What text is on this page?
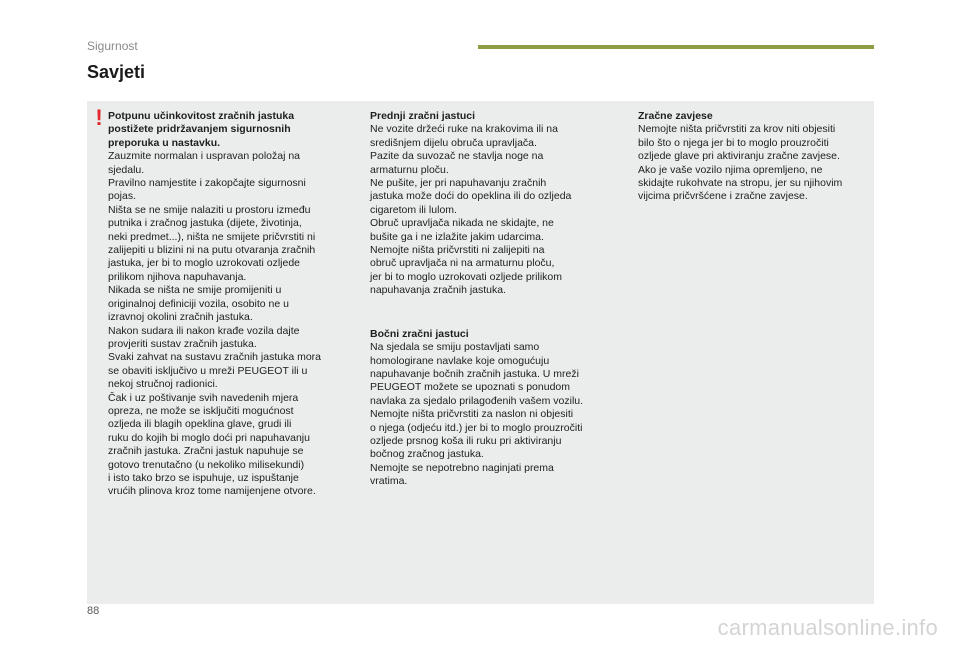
Sigurnost
Savjeti
! Potpunu učinkovitost zračnih jastuka
postižete pridržavanjem sigurnosnih
preporuka u nastavku.

Zauzmite normalan i uspravan položaj na
sjedalu.
Pravilno namjestite i zakopčajte sigurnosni
pojas.
Ništa se ne smije nalaziti u prostoru između
putnika i zračnog jastuka (dijete, životinja,
neki predmet...), ništa ne smijete pričvrstiti ni
zalijepiti u blizini ni na putu otvaranja zračnih
jastuka, jer bi to moglo uzrokovati ozljede
prilikom njihova napuhavanja.
Nikada se ništa ne smije promijeniti u
originalnoj definiciji vozila, osobito ne u
izravnoj okolini zračnih jastuka.
Nakon sudara ili nakon krađe vozila dajte
provjeriti sustav zračnih jastuka.
Svaki zahvat na sustavu zračnih jastuka mora
se obaviti isključivo u mreži PEUGEOT ili u
nekoj stručnoj radionici.
Čak i uz poštivanje svih navedenih mjera
opreza, ne može se isključiti mogućnost
ozljeda ili blagih opeklina glave, grudi ili
ruku do kojih bi moglo doći pri napuhavanju
zračnih jastuka. Zračni jastuk napuhuje se
gotovo trenutačno (u nekoliko milisekundi)
i isto tako brzo se ispuhuje, uz ispuštanje
vrućih plinova kroz tome namijenjene otvore.

Prednji zračni jastuci

Ne vozite držeći ruke na krakovima ili na
središnjem dijelu obruča upravljača.
Pazite da suvozač ne stavlja noge na
armaturnu ploču.
Ne pušite, jer pri napuhavanju zračnih
jastuka može doći do opeklina ili do ozljeda
cigaretom ili lulom.
Obruč upravljača nikada ne skidajte, ne
bušite ga i ne izlažite jakim udarcima.
Nemojte ništa pričvrstiti ni zalijepiti na
obruč upravljača ni na armaturnu ploču,
jer bi to moglo uzrokovati ozljede prilikom
napuhavanja zračnih jastuka.

Bočni zračni jastuci

Na sjedala se smiju postavljati samo
homologirane navlake koje omogućuju
napuhavanje bočnih zračnih jastuka. U mreži
PEUGEOT možete se upoznati s ponudom
navlaka za sjedalo prilagođenih vašem vozilu.
Nemojte ništa pričvrstiti za naslon ni objesiti
o njega (odjeću itd.) jer bi to moglo prouzročiti
ozljede prsnog koša ili ruku pri aktiviranju
bočnog zračnog jastuka.
Nemojte se nepotrebno naginjati prema
vratima.

Zračne zavjese

Nemojte ništa pričvrstiti za krov niti objesiti
bilo što o njega jer bi to moglo prouzročiti
ozljede glave pri aktiviranju zračne zavjese.
Ako je vaše vozilo njima opremljeno, ne
skidajte rukohvate na stropu, jer su njihovim
vijcima pričvršćene i zračne zavjese.

88
carmanualsonline.info
